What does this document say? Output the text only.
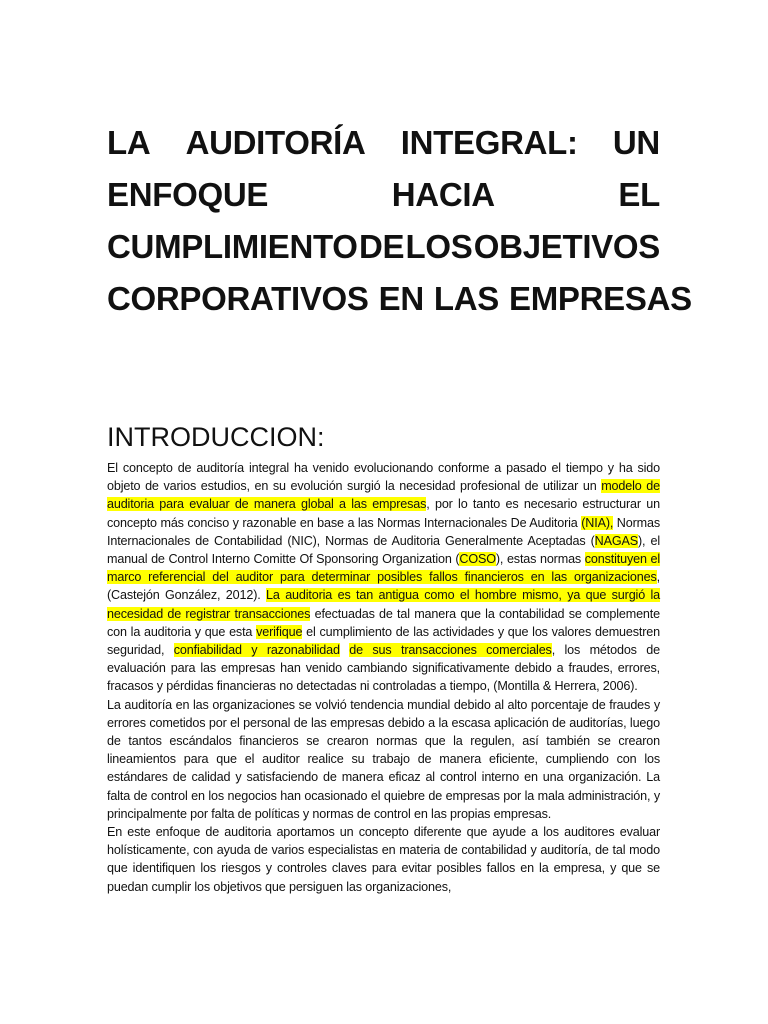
LA AUDITORÍA INTEGRAL: UN
ENFOQUE	HACIA	EL
CUMPLIMIENTO DE LOS OBJETIVOS
CORPORATIVOS EN LAS EMPRESAS
INTRODUCCION:

El concepto de auditoría integral ha venido evolucionando conforme a pasado el tiempo y ha sido objeto de varios estudios, en su evolución surgió la necesidad profesional de utilizar un modelo de auditoria para evaluar de manera global a las empresas, por lo tanto es necesario estructurar un concepto más conciso y razonable en base a las Normas Internacionales De Auditoria (NIA), Normas Internacionales de Contabilidad (NIC), Normas de Auditoria Generalmente Aceptadas (NAGAS), el manual de Control Interno Comitte Of Sponsoring Organization (COSO), estas normas constituyen el marco referencial del auditor para determinar posibles fallos financieros en las organizaciones, (Castejón González, 2012). La auditoria es tan antigua como el hombre mismo, ya que surgió la necesidad de registrar transacciones efectuadas de tal manera que la contabilidad se complemente con la auditoria y que esta verifique el cumplimiento de las actividades y que los valores demuestren seguridad, confiabilidad y razonabilidad de sus transacciones comerciales, los métodos de evaluación para las empresas han venido cambiando significativamente debido a fraudes, errores, fracasos y pérdidas financieras no detectadas ni controladas a tiempo, (Montilla & Herrera, 2006).

La auditoría en las organizaciones se volvió tendencia mundial debido al alto porcentaje de fraudes y errores cometidos por el personal de las empresas debido a la escasa aplicación de auditorías, luego de tantos escándalos financieros se crearon normas que la regulen, así también se crearon lineamientos para que el auditor realice su trabajo de manera eficiente, cumpliendo con los estándares de calidad y satisfaciendo de manera eficaz al control interno en una organización. La falta de control en los negocios han ocasionado el quiebre de empresas por la mala administración, y principalmente por falta de políticas y normas de control en las propias empresas.

En este enfoque de auditoria aportamos un concepto diferente que ayude a los auditores evaluar holísticamente, con ayuda de varios especialistas en materia de contabilidad y auditoría, de tal modo que identifiquen los riesgos y controles claves para evitar posibles fallos en la empresa, y que se puedan cumplir los objetivos que persiguen las organizaciones,
